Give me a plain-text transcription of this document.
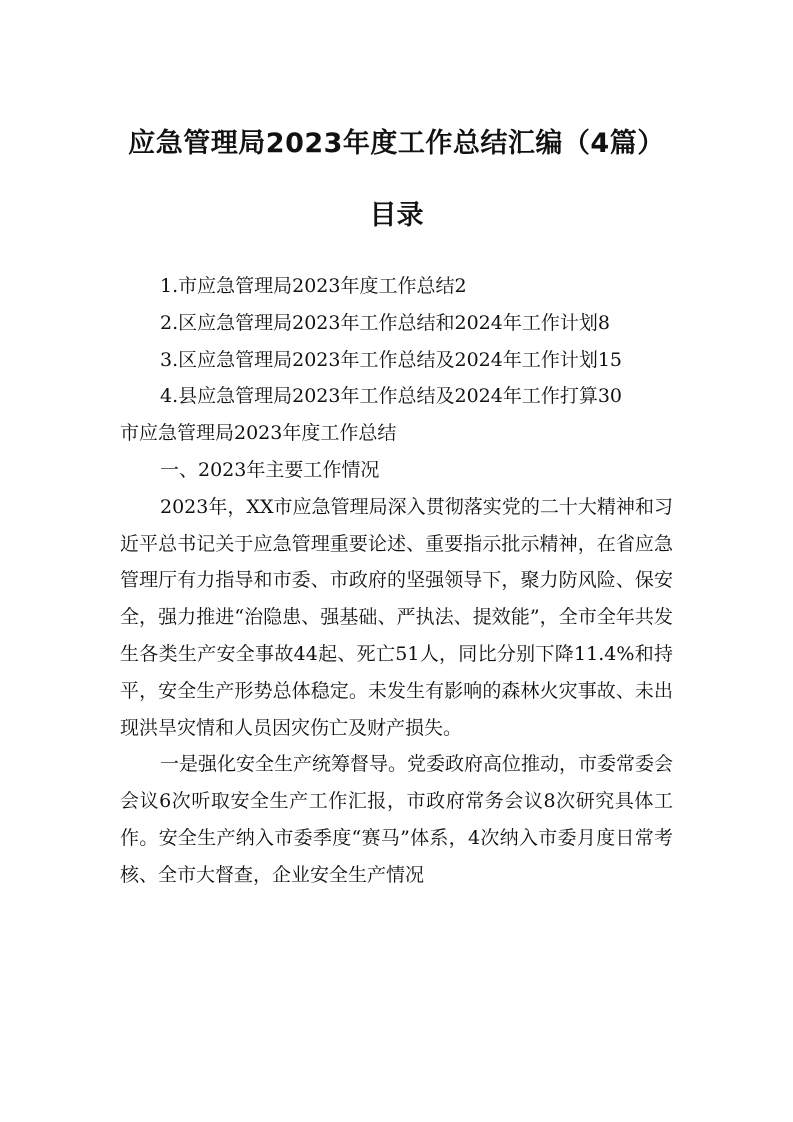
应急管理局2023年度工作总结汇编（4篇）
目录
1.市应急管理局2023年度工作总结2
2.区应急管理局2023年工作总结和2024年工作计划8
3.区应急管理局2023年工作总结及2024年工作计划15
4.县应急管理局2023年工作总结及2024年工作打算30
市应急管理局2023年度工作总结
一、2023年主要工作情况

2023年，XX市应急管理局深入贯彻落实党的二十大精神和习近平总书记关于应急管理重要论述、重要指示批示精神，在省应急管理厅有力指导和市委、市政府的坚强领导下，聚力防风险、保安全，强力推进“治隐患、强基础、严执法、提效能”，全市全年共发生各类生产安全事故44起、死亡51人，同比分别下降11.4%和持平，安全生产形势总体稳定。未发生有影响的森林火灾事故、未出现洪旱灾情和人员因灾伤亡及财产损失。

一是强化安全生产统筹督导。党委政府高位推动，市委常委会会议6次听取安全生产工作汇报，市政府常务会议8次研究具体工作。安全生产纳入市委季度“赛马”体系，4次纳入市委月度日常考核、全市大督查，企业安全生产情况
